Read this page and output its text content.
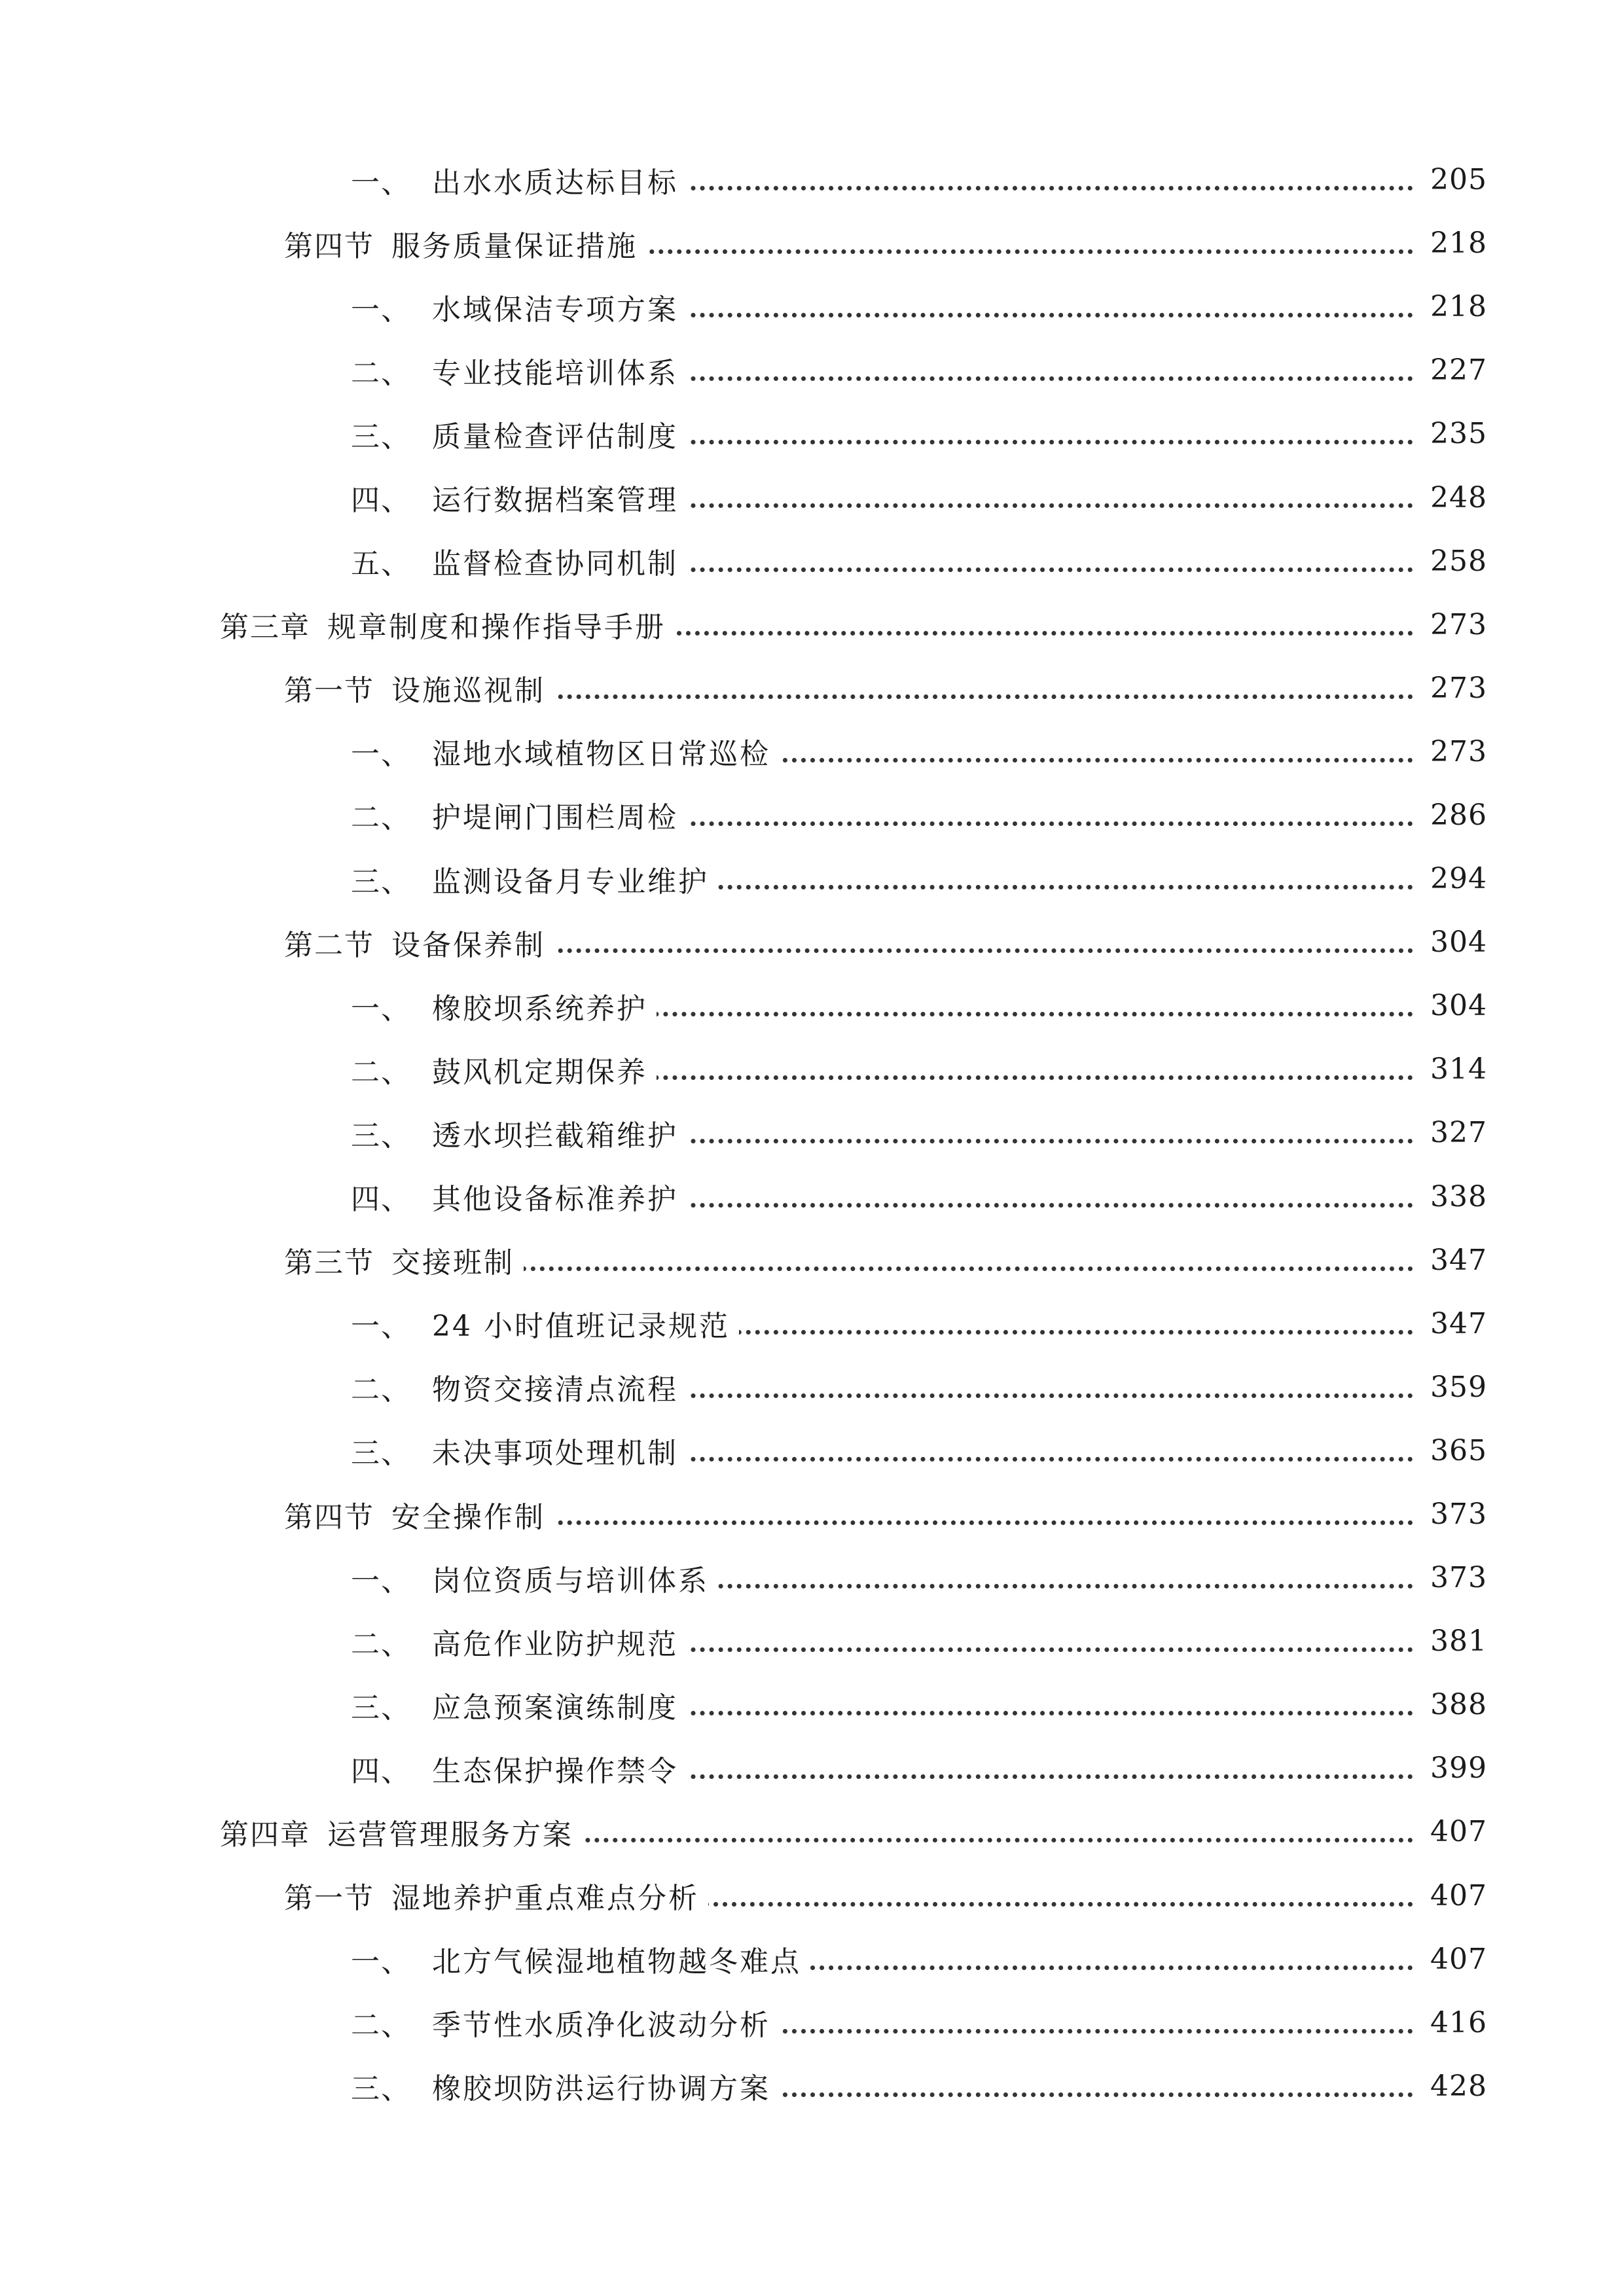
一、 出水水质达标目标	205
第四节 服务质量保证措施	218
一、 水域保洁专项方案	218
二、 专业技能培训体系	227
三、 质量检查评估制度	235
四、 运行数据档案管理	248
五、 监督检查协同机制	258
第三章 规章制度和操作指导手册	273
第一节 设施巡视制	273
一、 湿地水域植物区日常巡检	273
二、 护堤闸门围栏周检	286
三、 监测设备月专业维护	294
第二节 设备保养制	304
一、 橡胶坝系统养护	304
二、 鼓风机定期保养	314
三、 透水坝拦截箱维护	327
四、 其他设备标准养护	338
第三节 交接班制	347
一、 24 小时值班记录规范	347
二、 物资交接清点流程	359
三、 未决事项处理机制	365
第四节 安全操作制	373
一、 岗位资质与培训体系	373
二、 高危作业防护规范	381
三、 应急预案演练制度	388
四、 生态保护操作禁令	399
第四章 运营管理服务方案	407
第一节 湿地养护重点难点分析	407
一、 北方气候湿地植物越冬难点	407
二、 季节性水质净化波动分析	416
三、 橡胶坝防洪运行协调方案	428
